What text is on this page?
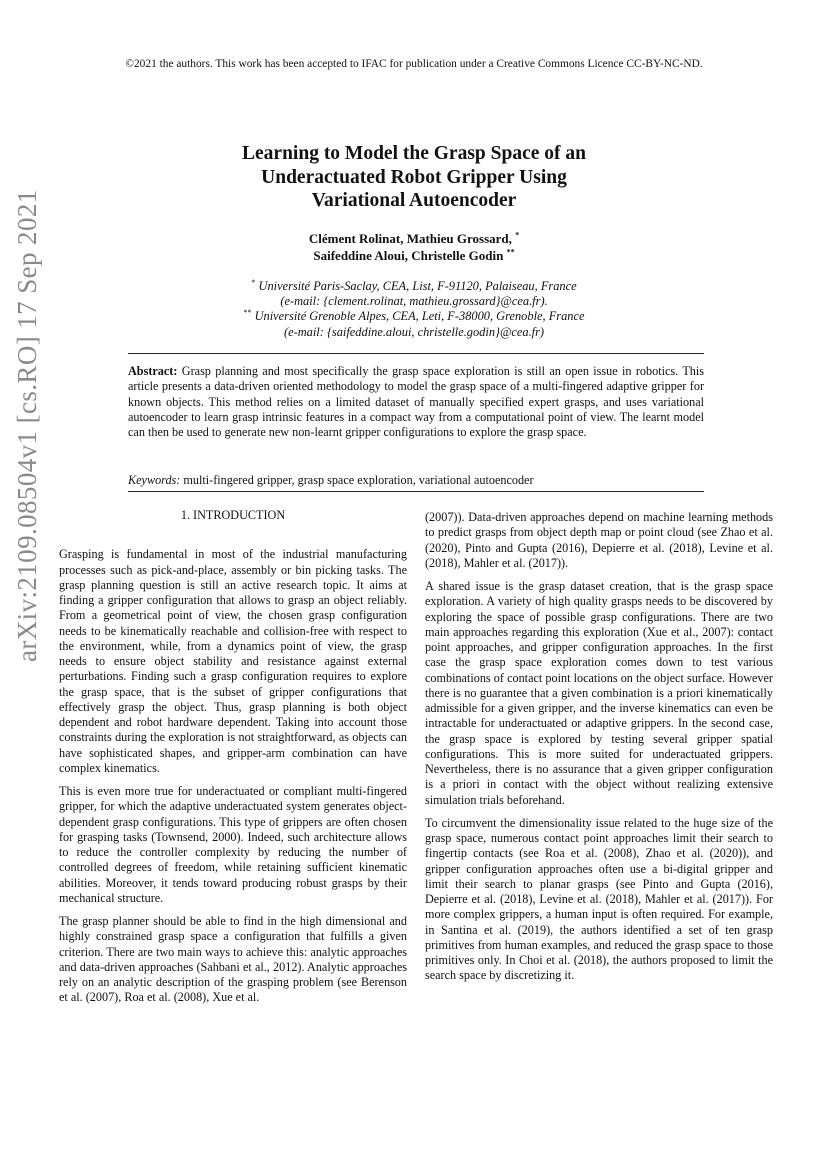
©2021 the authors. This work has been accepted to IFAC for publication under a Creative Commons Licence CC-BY-NC-ND.
arXiv:2109.08504v1 [cs.RO] 17 Sep 2021
Learning to Model the Grasp Space of an
Underactuated Robot Gripper Using
Variational Autoencoder
Clément Rolinat, Mathieu Grossard, *
Saifeddine Aloui, Christelle Godin **
* Université Paris-Saclay, CEA, List, F-91120, Palaiseau, France
(e-mail: {clement.rolinat, mathieu.grossard}@cea.fr).
** Université Grenoble Alpes, CEA, Leti, F-38000, Grenoble, France
(e-mail: {saifeddine.aloui, christelle.godin}@cea.fr)
Abstract: Grasp planning and most specifically the grasp space exploration is still an open issue in robotics. This article presents a data-driven oriented methodology to model the grasp space of a multi-fingered adaptive gripper for known objects. This method relies on a limited dataset of manually specified expert grasps, and uses variational autoencoder to learn grasp intrinsic features in a compact way from a computational point of view. The learnt model can then be used to generate new non-learnt gripper configurations to explore the grasp space.
Keywords: multi-fingered gripper, grasp space exploration, variational autoencoder
1. INTRODUCTION

Grasping is fundamental in most of the industrial manufacturing processes such as pick-and-place, assembly or bin picking tasks. The grasp planning question is still an active research topic. It aims at finding a gripper configuration that allows to grasp an object reliably. From a geometrical point of view, the chosen grasp configuration needs to be kinematically reachable and collision-free with respect to the environment, while, from a dynamics point of view, the grasp needs to ensure object stability and resistance against external perturbations. Finding such a grasp configuration requires to explore the grasp space, that is the subset of gripper configurations that effectively grasp the object. Thus, grasp planning is both object dependent and robot hardware dependent. Taking into account those constraints during the exploration is not straightforward, as objects can have sophisticated shapes, and gripper-arm combination can have complex kinematics.

This is even more true for underactuated or compliant multi-fingered gripper, for which the adaptive underactuated system generates object-dependent grasp configurations. This type of grippers are often chosen for grasping tasks (Townsend, 2000). Indeed, such architecture allows to reduce the controller complexity by reducing the number of controlled degrees of freedom, while retaining sufficient kinematic abilities. Moreover, it tends toward producing robust grasps by their mechanical structure.

The grasp planner should be able to find in the high dimensional and highly constrained grasp space a configuration that fulfills a given criterion. There are two main ways to achieve this: analytic approaches and data-driven approaches (Sahbani et al., 2012). Analytic approaches rely on an analytic description of the grasping problem (see Berenson et al. (2007), Roa et al. (2008), Xue et al.

(2007)). Data-driven approaches depend on machine learning methods to predict grasps from object depth map or point cloud (see Zhao et al. (2020), Pinto and Gupta (2016), Depierre et al. (2018), Levine et al. (2018), Mahler et al. (2017)).

A shared issue is the grasp dataset creation, that is the grasp space exploration. A variety of high quality grasps needs to be discovered by exploring the space of possible grasp configurations. There are two main approaches regarding this exploration (Xue et al., 2007): contact point approaches, and gripper configuration approaches. In the first case the grasp space exploration comes down to test various combinations of contact point locations on the object surface. However there is no guarantee that a given combination is a priori kinematically admissible for a given gripper, and the inverse kinematics can even be intractable for underactuated or adaptive grippers. In the second case, the grasp space is explored by testing several gripper spatial configurations. This is more suited for underactuated grippers. Nevertheless, there is no assurance that a given gripper configuration is a priori in contact with the object without realizing extensive simulation trials beforehand.

To circumvent the dimensionality issue related to the huge size of the grasp space, numerous contact point approaches limit their search to fingertip contacts (see Roa et al. (2008), Zhao et al. (2020)), and gripper configuration approaches often use a bi-digital gripper and limit their search to planar grasps (see Pinto and Gupta (2016), Depierre et al. (2018), Levine et al. (2018), Mahler et al. (2017)). For more complex grippers, a human input is often required. For example, in Santina et al. (2019), the authors identified a set of ten grasp primitives from human examples, and reduced the grasp space to those primitives only. In Choi et al. (2018), the authors proposed to limit the search space by discretizing it.
